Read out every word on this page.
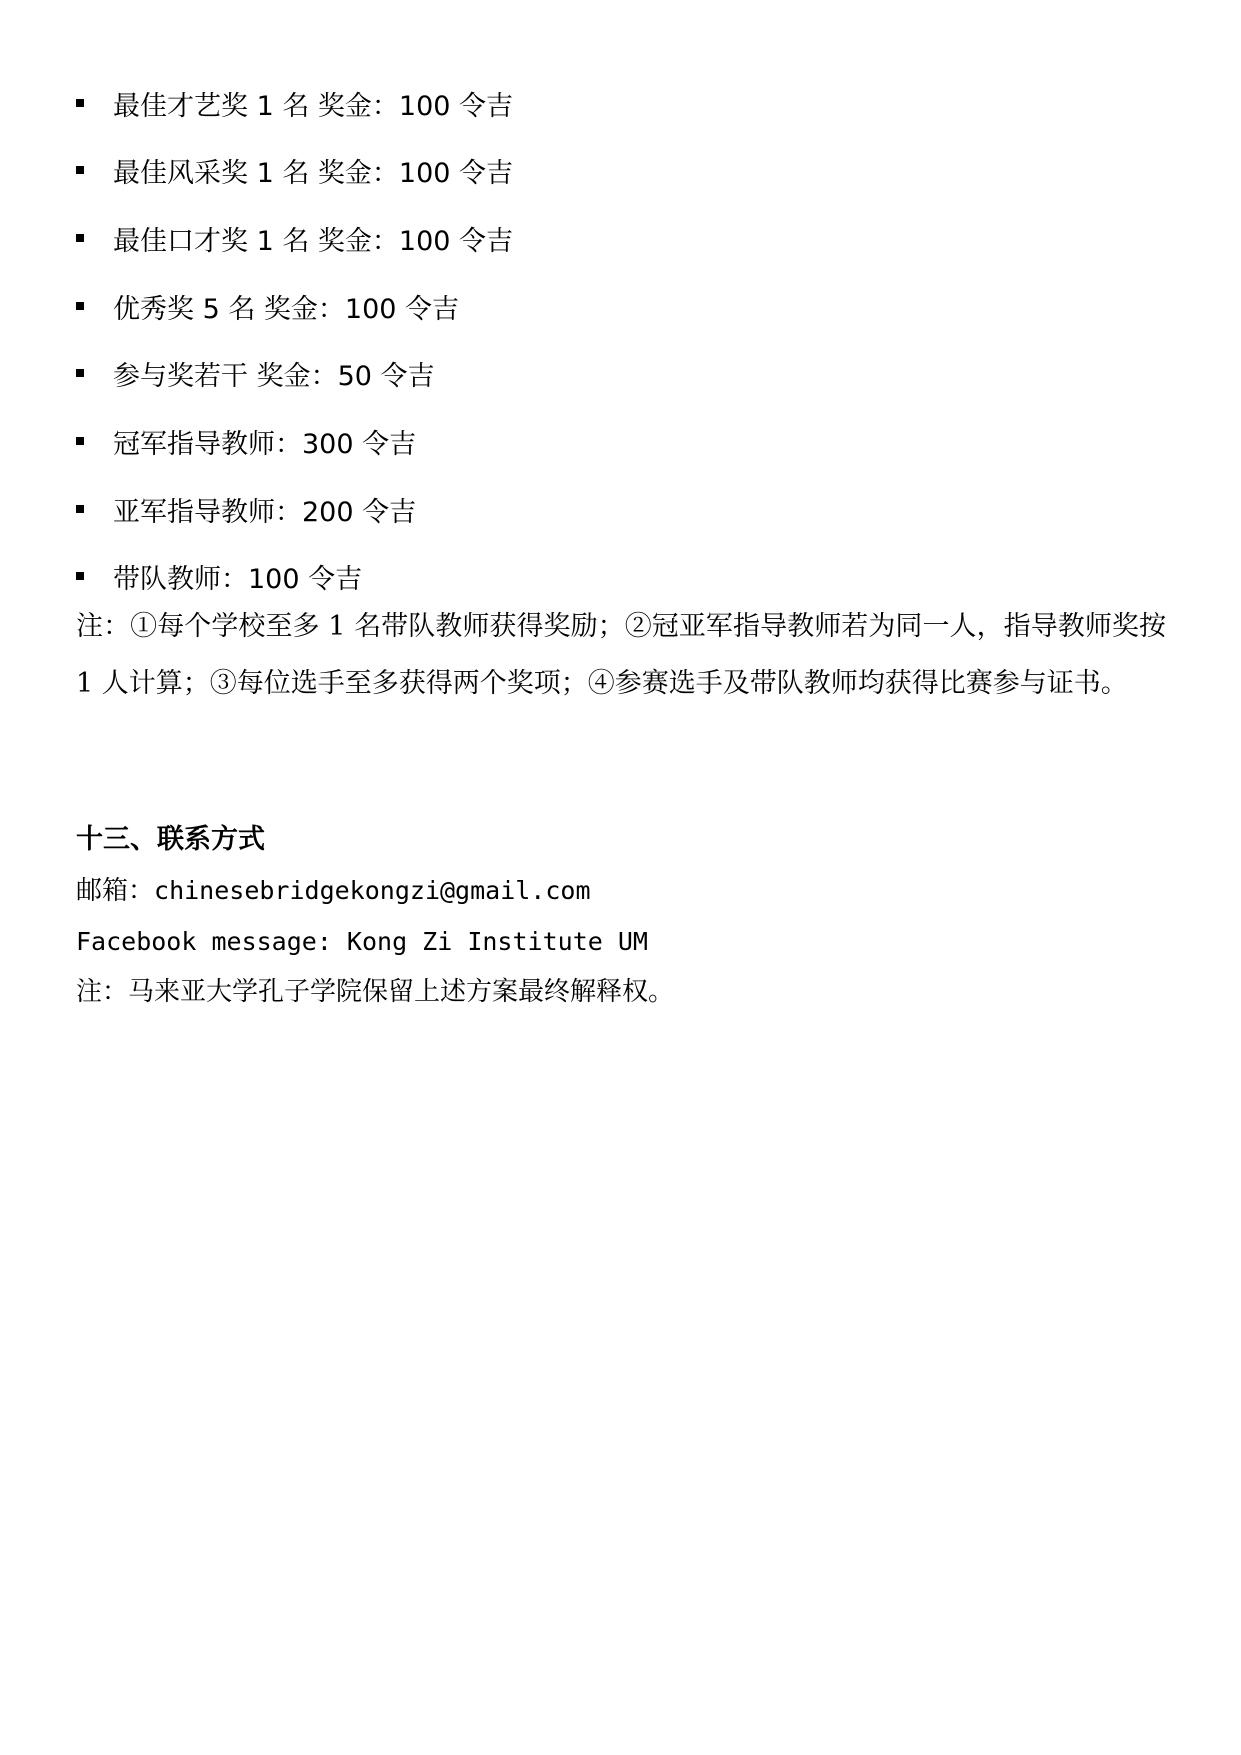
最佳才艺奖 1 名 奖金：100 令吉
最佳风采奖 1 名 奖金：100 令吉
最佳口才奖 1 名 奖金：100 令吉
优秀奖 5 名 奖金：100 令吉
参与奖若干 奖金：50 令吉
冠军指导教师：300 令吉
亚军指导教师：200 令吉
带队教师：100 令吉

注：①每个学校至多 1 名带队教师获得奖励；②冠亚军指导教师若为同一人，指导教师奖按 1 人计算；③每位选手至多获得两个奖项；④参赛选手及带队教师均获得比赛参与证书。

十三、联系方式

邮箱：chinesebridgekongzi@gmail.com

Facebook message: Kong Zi Institute UM

注：马来亚大学孔子学院保留上述方案最终解释权。
